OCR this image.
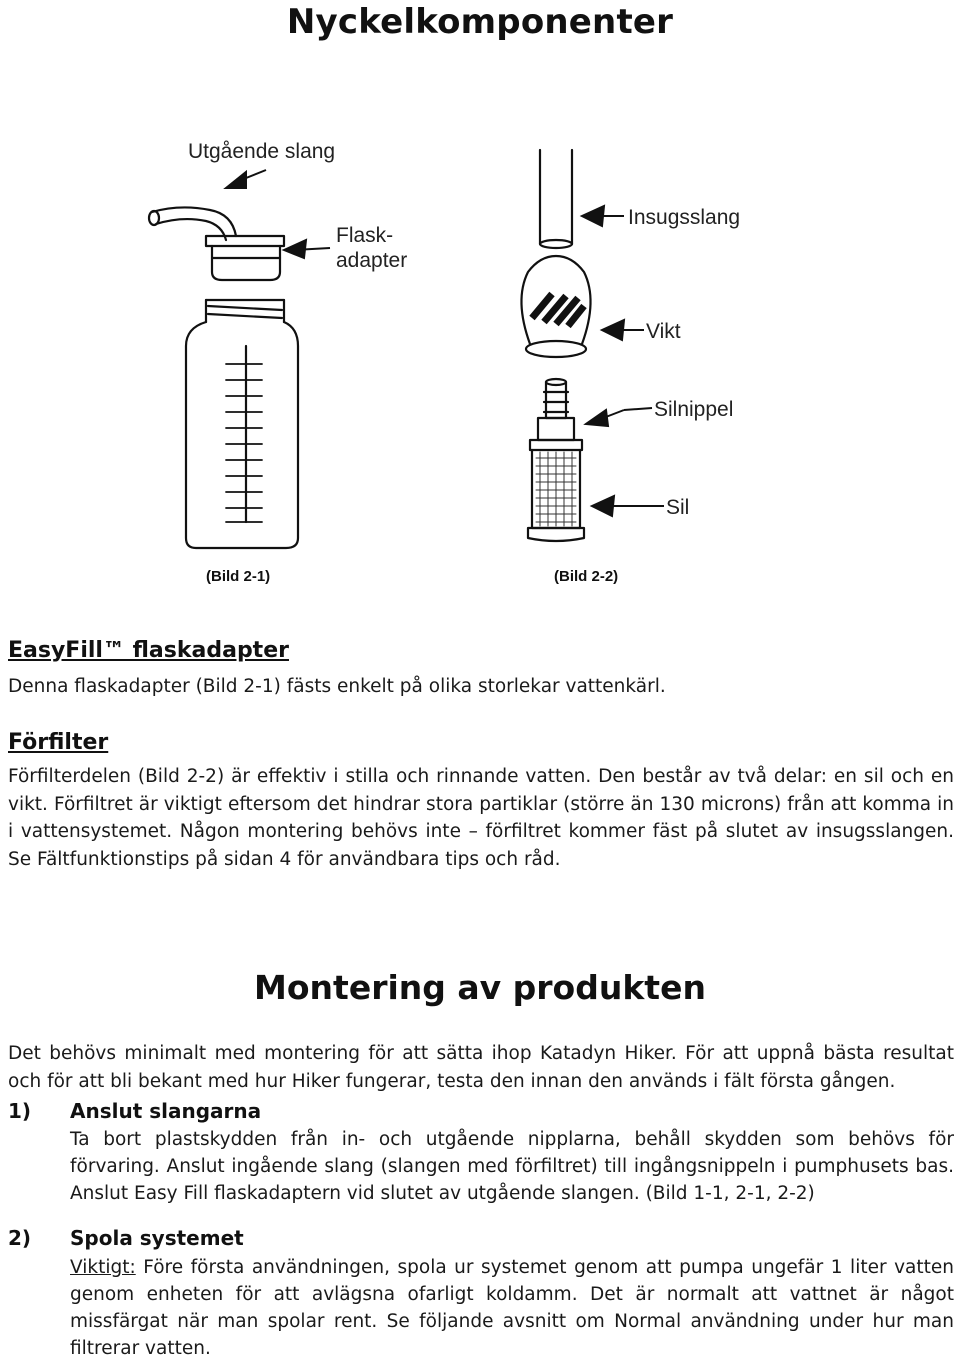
Nyckelkomponenter
Utgående slang
Flask-
adapter
Insugsslang
Vikt
Silnippel
Sil
(Bild 2-1)	(Bild 2-2)
EasyFill™ flaskadapter
Denna flaskadapter (Bild 2-1) fästs enkelt på olika storlekar vattenkärl.
Förfilter
Förfilterdelen (Bild 2-2) är effektiv i stilla och rinnande vatten. Den består av två delar: en sil och en vikt. Förfiltret är viktigt eftersom det hindrar stora partiklar (större än 130 microns) från att komma in i vattensystemet. Någon montering behövs inte – förfiltret kommer fäst på slutet av insugsslangen. Se Fältfunktionstips på sidan 4 för användbara tips och råd.
Montering av produkten
Det behövs minimalt med montering för att sätta ihop Katadyn Hiker. För att uppnå bästa resultat och för att bli bekant med hur Hiker fungerar, testa den innan den används i fält första gången.
1) Anslut slangarna
Ta bort plastskydden från in- och utgående nipplarna, behåll skydden som behövs för förvaring. Anslut ingående slang (slangen med förfiltret) till ingångsnippeln i pumphusets bas. Anslut Easy Fill flaskadaptern vid slutet av utgående slangen. (Bild 1-1, 2-1, 2-2)
2) Spola systemet
Viktigt: Före första användningen, spola ur systemet genom att pumpa ungefär 1 liter vatten genom enheten för att avlägsna ofarligt koldamm. Det är normalt att vattnet är något missfärgat när man spolar rent. Se följande avsnitt om Normal användning under hur man filtrerar vatten.
